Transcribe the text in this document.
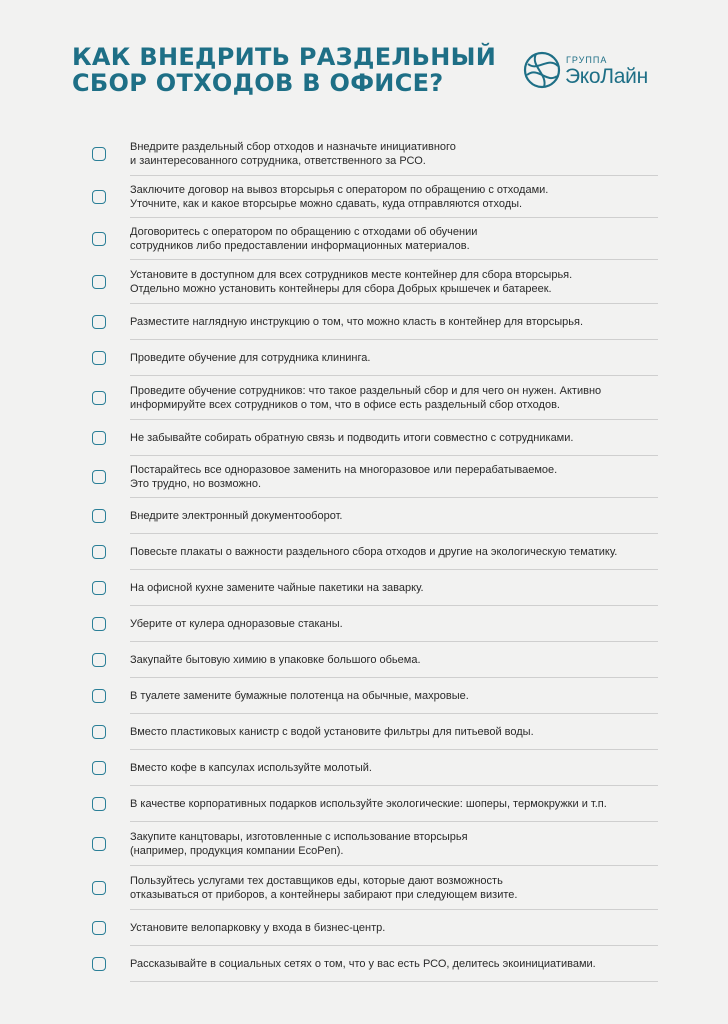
КАК ВНЕДРИТЬ РАЗДЕЛЬНЫЙ
СБОР ОТХОДОВ В ОФИСЕ?
ГРУППА
ЭкоЛайн
Внедрите раздельный сбор отходов и назначьте инициативного
и заинтересованного сотрудника, ответственного за РСО.
Заключите договор на вывоз вторсырья с оператором по обращению с отходами.
Уточните, как и какое вторсырье можно сдавать, куда отправляются отходы.
Договоритесь с оператором по обращению с отходами об обучении
сотрудников либо предоставлении информационных материалов.
Установите в доступном для всех сотрудников месте контейнер для сбора вторсырья.
Отдельно можно установить контейнеры для сбора Добрых крышечек и батареек.
Разместите наглядную инструкцию о том, что можно класть в контейнер для вторсырья.
Проведите обучение для сотрудника клининга.
Проведите обучение сотрудников: что такое раздельный сбор и для чего он нужен. Активно
информируйте всех сотрудников о том, что в офисе есть раздельный сбор отходов.
Не забывайте собирать обратную связь и подводить итоги совместно с сотрудниками.
Постарайтесь все одноразовое заменить на многоразовое или перерабатываемое.
Это трудно, но возможно.
Внедрите электронный документооборот.
Повесьте плакаты о важности раздельного сбора отходов и другие на экологическую тематику.
На офисной кухне замените чайные пакетики на заварку.
Уберите от кулера одноразовые стаканы.
Закупайте бытовую химию в упаковке большого обьема.
В туалете замените бумажные полотенца на обычные, махровые.
Вместо пластиковых канистр с водой установите фильтры для питьевой воды.
Вместо кофе в капсулах используйте молотый.
В качестве корпоративных подарков используйте экологические: шоперы, термокружки и т.п.
Закупите канцтовары, изготовленные с использование вторсырья
(например, продукция компании EcoPen).
Пользуйтесь услугами тех доставщиков еды, которые дают возможность
отказываться от приборов, а контейнеры забирают при следующем визите.
Установите велопарковку у входа в бизнес-центр.
Рассказывайте в социальных сетях о том, что у вас есть РСО, делитесь экоинициативами.
